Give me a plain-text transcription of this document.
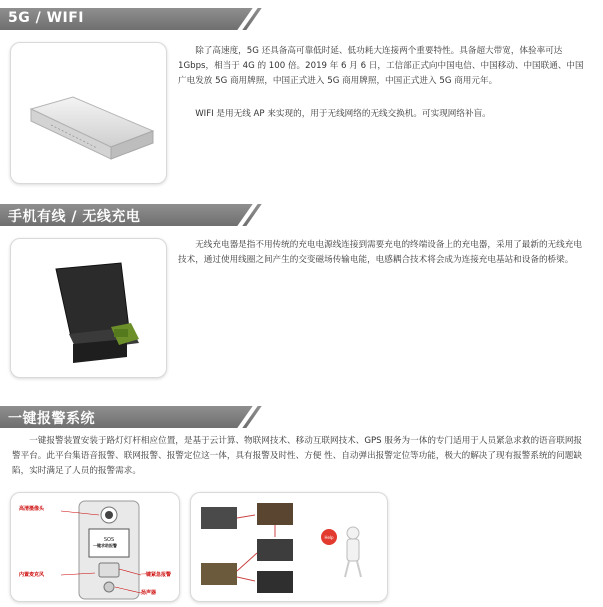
5G / WIFI

除了高速度，5G 还具备高可靠低时延、低功耗大连接两个重要特性。具备超大带宽，体验率可达 1Gbps，相当于 4G 的 100 倍。2019 年 6 月 6 日，工信部正式向中国电信、中国移动、中国联通、中国广电发放 5G 商用牌照，中国正式进入 5G 商用牌照，中国正式进入 5G 商用元年。

WIFI 是用无线 AP 来实现的，用于无线网络的无线交换机。可实现网络补盲。

手机有线 / 无线充电

无线充电器是指不用传统的充电电源线连接到需要充电的终端设备上的充电器，采用了最新的无线充电技术，通过使用线圈之间产生的交变磁场传输电能，电感耦合技术将会成为连接充电基站和设备的桥梁。

一键报警系统

一键报警装置安装于路灯灯杆相应位置，是基于云计算、物联网技术、移动互联网技术、GPS 服务为一体的专门适用于人员紧急求救的语音联网报警平台。此平台集语音报警、联网报警、报警定位这一体，具有报警及时性、方便 性、自动弹出报警定位等功能，极大的解决了现有报警系统的问题缺陷，实时满足了人员的报警需求。

SOS
高清摄像头
一键求助报警
内置麦克风	一键紧急报警
扬声器
Help
